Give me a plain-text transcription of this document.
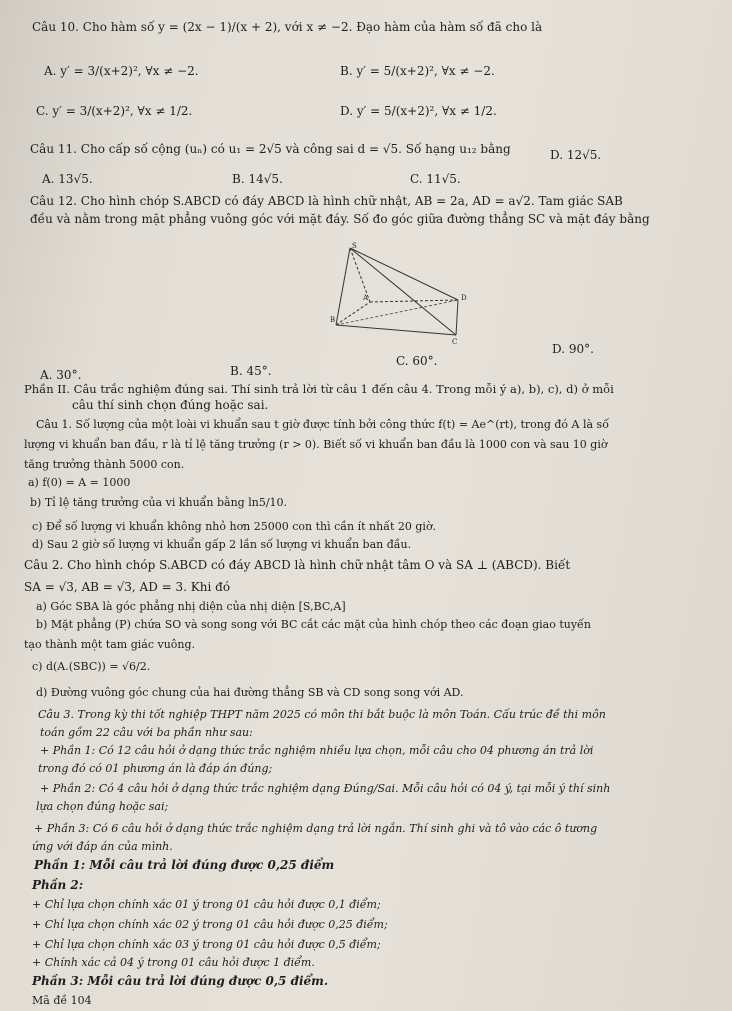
Câu 10. Cho hàm số y = (2x − 1)/(x + 2), với x ≠ −2. Đạo hàm của hàm số đã cho là
A. y′ = 3/(x+2)², ∀x ≠ −2.	B. y′ = 5/(x+2)², ∀x ≠ −2.
C. y′ = 3/(x+2)², ∀x ≠ 1/2.	D. y′ = 5/(x+2)², ∀x ≠ 1/2.
Câu 11. Cho cấp số cộng (uₙ) có u₁ = 2√5 và công sai d = √5. Số hạng u₁₂ bằng
A. 13√5.	B. 14√5.	C. 11√5.
D. 12√5.
Câu 12. Cho hình chóp S.ABCD có đáy ABCD là hình chữ nhật, AB = 2a, AD = a√2. Tam giác SAB
đều và nằm trong mặt phẳng vuông góc với mặt đáy. Số đo góc giữa đường thẳng SC và mặt đáy bằng
S
A
B
C
D
A. 30°.	B. 45°.
C. 60°.
D. 90°.
Phần II. Câu trắc nghiệm đúng sai. Thí sinh trả lời từ câu 1 đến câu 4. Trong mỗi ý a), b), c), d) ở mỗi
câu thí sinh chọn đúng hoặc sai.
Câu 1. Số lượng của một loài vi khuẩn sau t giờ được tính bởi công thức f(t) = Ae^(rt), trong đó A là số
lượng vi khuẩn ban đầu, r là tỉ lệ tăng trưởng (r > 0). Biết số vi khuẩn ban đầu là 1000 con và sau 10 giờ
tăng trưởng thành 5000 con.
a) f(0) = A = 1000
b) Tỉ lệ tăng trưởng của vi khuẩn bằng ln5/10.
c) Để số lượng vi khuẩn không nhỏ hơn 25000 con thì cần ít nhất 20 giờ.
d) Sau 2 giờ số lượng vi khuẩn gấp 2 lần số lượng vi khuẩn ban đầu.
Câu 2. Cho hình chóp S.ABCD có đáy ABCD là hình chữ nhật tâm O và SA ⊥ (ABCD). Biết
SA = √3, AB = √3, AD = 3. Khi đó
a) Góc SBA là góc phẳng nhị diện của nhị diện [S,BC,A]
b) Mặt phẳng (P) chứa SO và song song với BC cắt các mặt của hình chóp theo các đoạn giao tuyến
tạo thành một tam giác vuông.
c) d(A.(SBC)) = √6/2.
d) Đường vuông góc chung của hai đường thẳng SB và CD song song với AD.
Câu 3. Trong kỳ thi tốt nghiệp THPT năm 2025 có môn thi bắt buộc là môn Toán. Cấu trúc đề thi môn
toán gồm 22 câu với ba phần như sau:
+ Phần 1: Có 12 câu hỏi ở dạng thức trắc nghiệm nhiều lựa chọn, mỗi câu cho 04 phương án trả lời
trong đó có 01 phương án là đáp án đúng;
+ Phần 2: Có 4 câu hỏi ở dạng thức trắc nghiệm dạng Đúng/Sai. Mỗi câu hỏi có 04 ý, tại mỗi ý thí sinh
lựa chọn đúng hoặc sai;
+ Phần 3: Có 6 câu hỏi ở dạng thức trắc nghiệm dạng trả lời ngắn. Thí sinh ghi và tô vào các ô tương
ứng với đáp án của mình.
Phần 1: Mỗi câu trả lời đúng được 0,25 điểm
Phần 2:
+ Chỉ lựa chọn chính xác 01 ý trong 01 câu hỏi được 0,1 điểm;
+ Chỉ lựa chọn chính xác 02 ý trong 01 câu hỏi được 0,25 điểm;
+ Chỉ lựa chọn chính xác 03 ý trong 01 câu hỏi được 0,5 điểm;
+ Chính xác cả 04 ý trong 01 câu hỏi được 1 điểm.
Phần 3: Mỗi câu trả lời đúng được 0,5 điểm.
Mã đề 104
